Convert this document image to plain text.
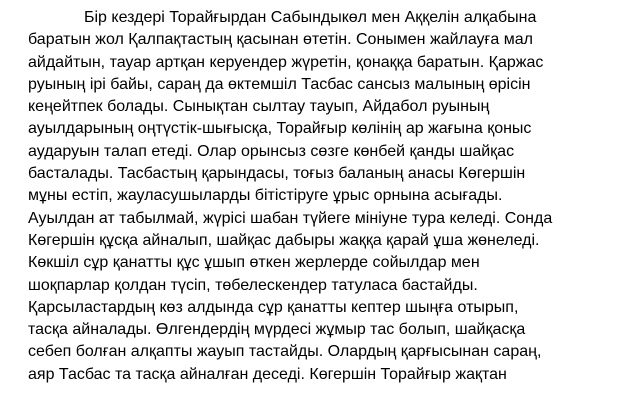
Бір кездері Торайғырдан Сабындыкөл мен Аққелін алқабына
баратын жол Қалпақтастың қасынан өтетін. Сонымен жайлауға мал
айдайтын, тауар артқан керуендер жүретін, қонаққа баратын. Қаржас
руының ірі байы, сараң да өктемшіл Тасбас сансыз малының өрісін
кеңейтпек болады. Сынықтан сылтау тауып, Айдабол руының
ауылдарының оңтүстік-шығысқа, Торайғыр көлінің ар жағына қоныс
аударуын талап етеді. Олар орынсыз сөзге көнбей қанды шайқас
басталады. Тасбастың қарындасы, тоғыз баланың анасы Көгершін
мұны естіп, жауласушыларды бітістіруге ұрыс орнына асығады.
Ауылдан ат табылмай, жүрісі шабан түйеге мініуне тура келеді. Сонда
Көгершін құсқа айналып, шайқас дабыры жаққа қарай ұша жөнеледі.
Көкшіл сұр қанатты құс ұшып өткен жерлерде сойылдар мен
шоқпарлар қолдан түсіп, төбелескендер татуласа бастайды.
Қарсыластардың көз алдында сұр қанатты кептер шыңға отырып,
тасқа айналады. Өлгендердің мүрдесі жұмыр тас болып, шайқасқа
себеп болған алқапты жауып тастайды. Олардың қарғысынан сараң,
аяр Тасбас та тасқа айналған деседі. Көгершін Торайғыр жақтан
